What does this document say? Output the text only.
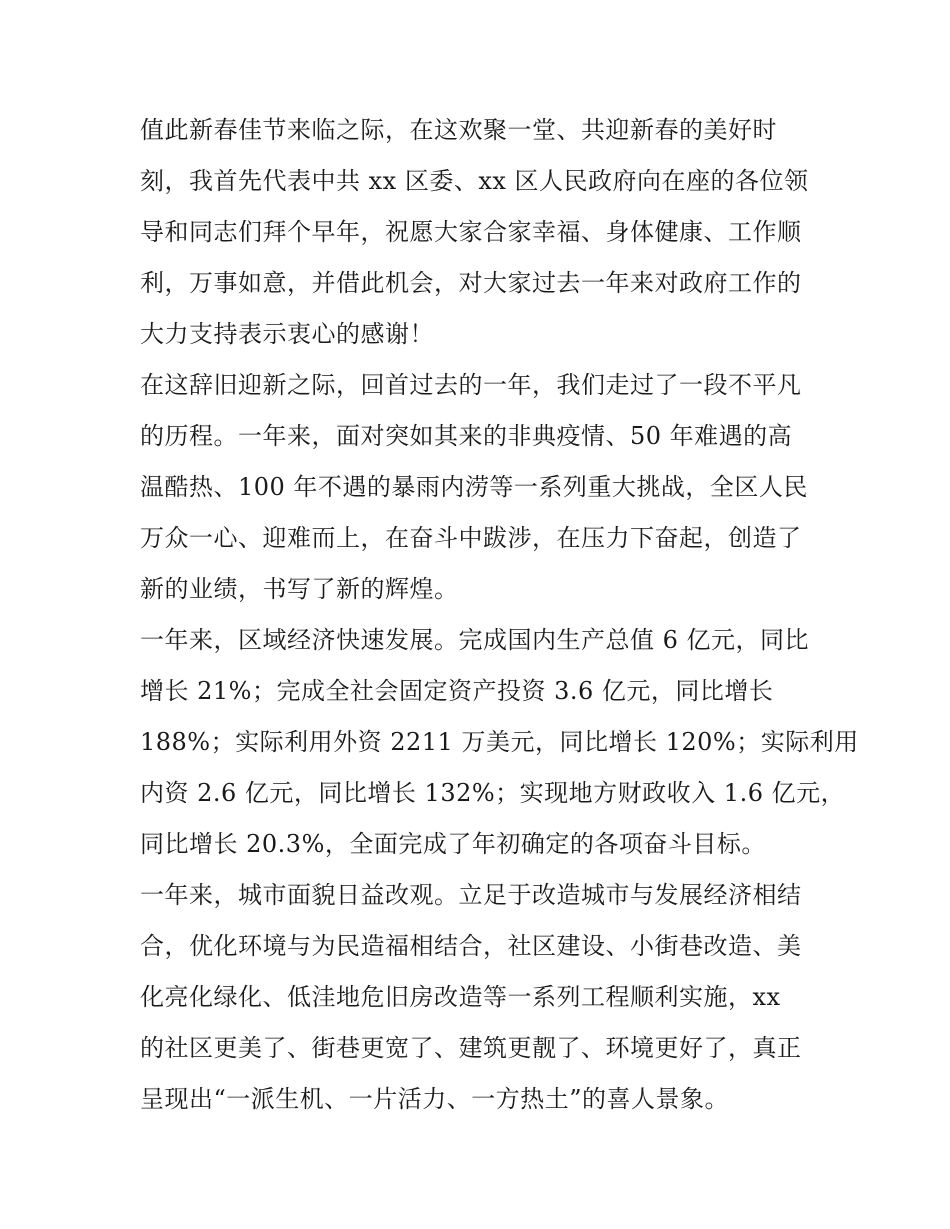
值此新春佳节来临之际，在这欢聚一堂、共迎新春的美好时
刻，我首先代表中共 xx 区委、xx 区人民政府向在座的各位领
导和同志们拜个早年，祝愿大家合家幸福、身体健康、工作顺
利，万事如意，并借此机会，对大家过去一年来对政府工作的
大力支持表示衷心的感谢！
在这辞旧迎新之际，回首过去的一年，我们走过了一段不平凡
的历程。一年来，面对突如其来的非典疫情、50 年难遇的高
温酷热、100 年不遇的暴雨内涝等一系列重大挑战，全区人民
万众一心、迎难而上，在奋斗中跋涉，在压力下奋起，创造了
新的业绩，书写了新的辉煌。
一年来，区域经济快速发展。完成国内生产总值 6 亿元，同比
增长 21%；完成全社会固定资产投资 3.6 亿元，同比增长
188%；实际利用外资 2211 万美元，同比增长 120%；实际利用
内资 2.6 亿元，同比增长 132%；实现地方财政收入 1.6 亿元，
同比增长 20.3%，全面完成了年初确定的各项奋斗目标。
一年来，城市面貌日益改观。立足于改造城市与发展经济相结
合，优化环境与为民造福相结合，社区建设、小街巷改造、美
化亮化绿化、低洼地危旧房改造等一系列工程顺利实施，xx
的社区更美了、街巷更宽了、建筑更靓了、环境更好了，真正
呈现出“一派生机、一片活力、一方热土”的喜人景象。
